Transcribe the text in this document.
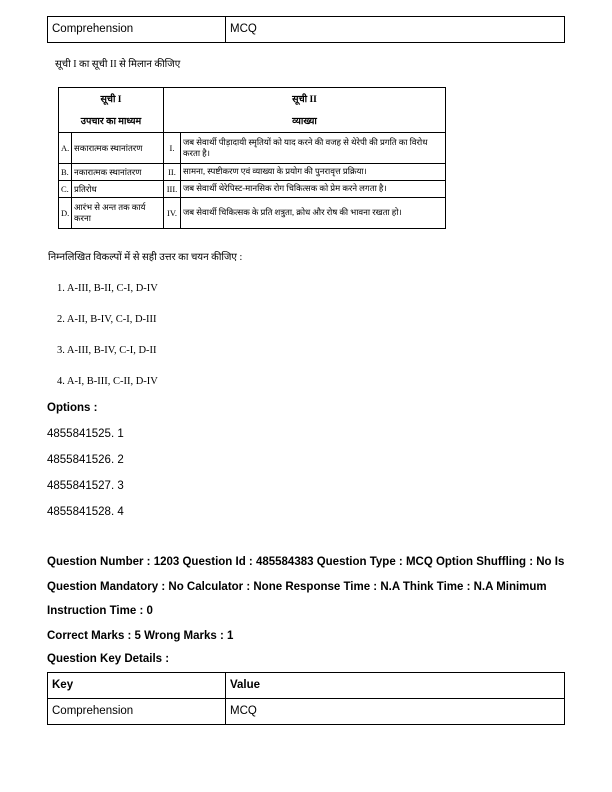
Comprehension	MCQ
सूची I का सूची II से मिलान कीजिए
सूची I
उपचार का माध्यम

सूची II
व्याख्या

A.	सकारात्मक स्थानांतरण	I.	जब सेवार्थी पीड़ादायी स्मृतियों को याद करने की वजह से थेरेपी की प्रगति का विरोध करता है।
B.	नकारात्मक स्थानांतरण	II.	सामना, स्पष्टीकरण एवं व्याख्या के प्रयोग की पुनरावृत्त प्रक्रिया।
C.	प्रतिरोध	III.	जब सेवार्थी थेरेपिस्ट-मानसिक रोग चिकित्सक को प्रेम करने लगता है।
D.	आरंभ से अन्त तक कार्य करना	IV.	जब सेवार्थी चिकित्सक के प्रति शत्रुता, क्रोध और रोष की भावना रखता हो।
निम्नलिखित विकल्पों में से सही उत्तर का चयन कीजिए :
1. A-III, B-II, C-I, D-IV
2. A-II, B-IV, C-I, D-III
3. A-III, B-IV, C-I, D-II
4. A-I, B-III, C-II, D-IV
Options :
4855841525. 1
4855841526. 2
4855841527. 3
4855841528. 4
Question Number : 1203 Question Id : 485584383 Question Type : MCQ Option Shuffling : No Is Question Mandatory : No Calculator : None Response Time : N.A Think Time : N.A Minimum Instruction Time : 0
Correct Marks : 5 Wrong Marks : 1
Question Key Details :
Key	Value
Comprehension	MCQ
